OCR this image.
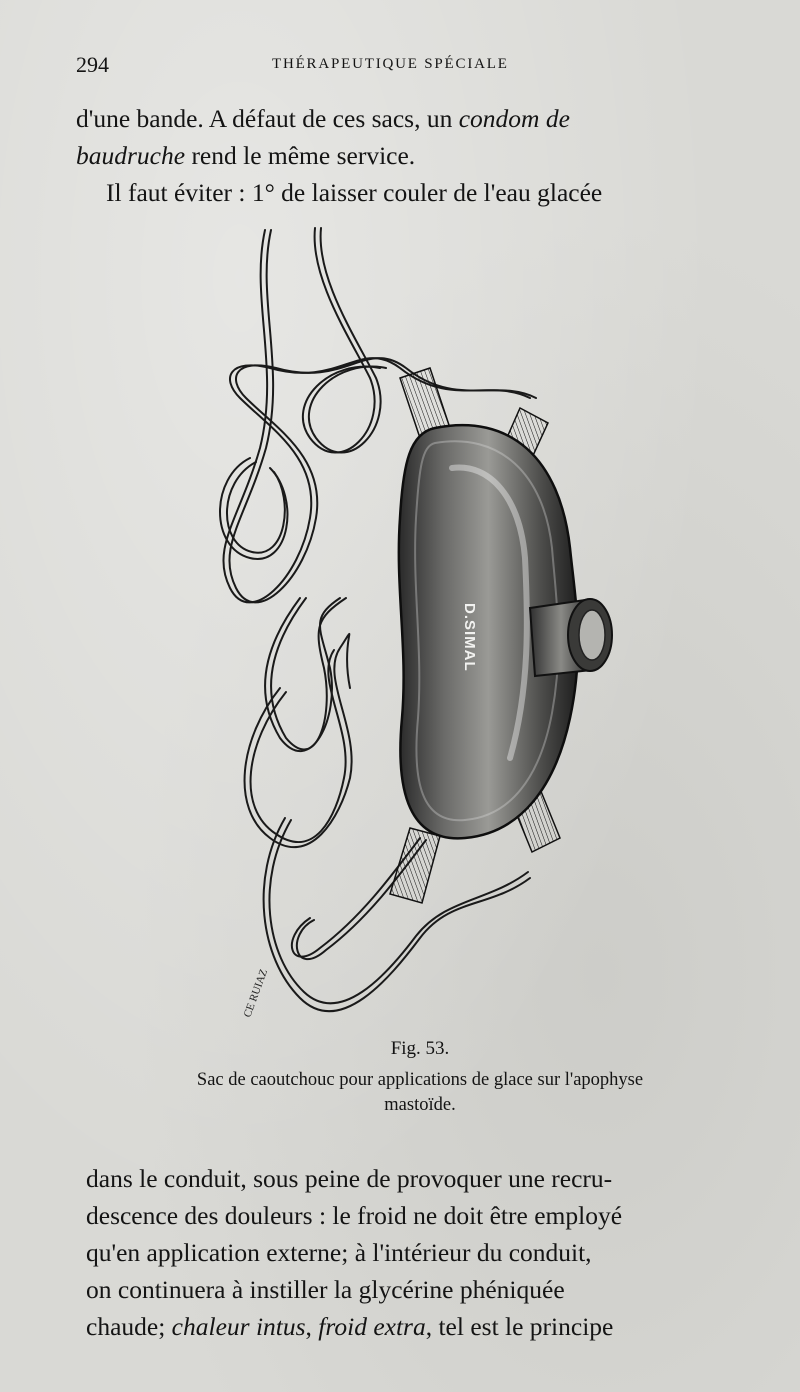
294	THÉRAPEUTIQUE SPÉCIALE
d'une bande. A défaut de ces sacs, un condom de
baudruche rend le même service.
Il faut éviter : 1° de laisser couler de l'eau glacée
D.SIMAL
CE RUIAZ
Fig. 53.
Sac de caoutchouc pour applications de glace sur l'apophyse
mastoïde.
dans le conduit, sous peine de provoquer une recru-
descence des douleurs : le froid ne doit être employé
qu'en application externe; à l'intérieur du conduit,
on continuera à instiller la glycérine phéniquée
chaude; chaleur intus, froid extra, tel est le principe
